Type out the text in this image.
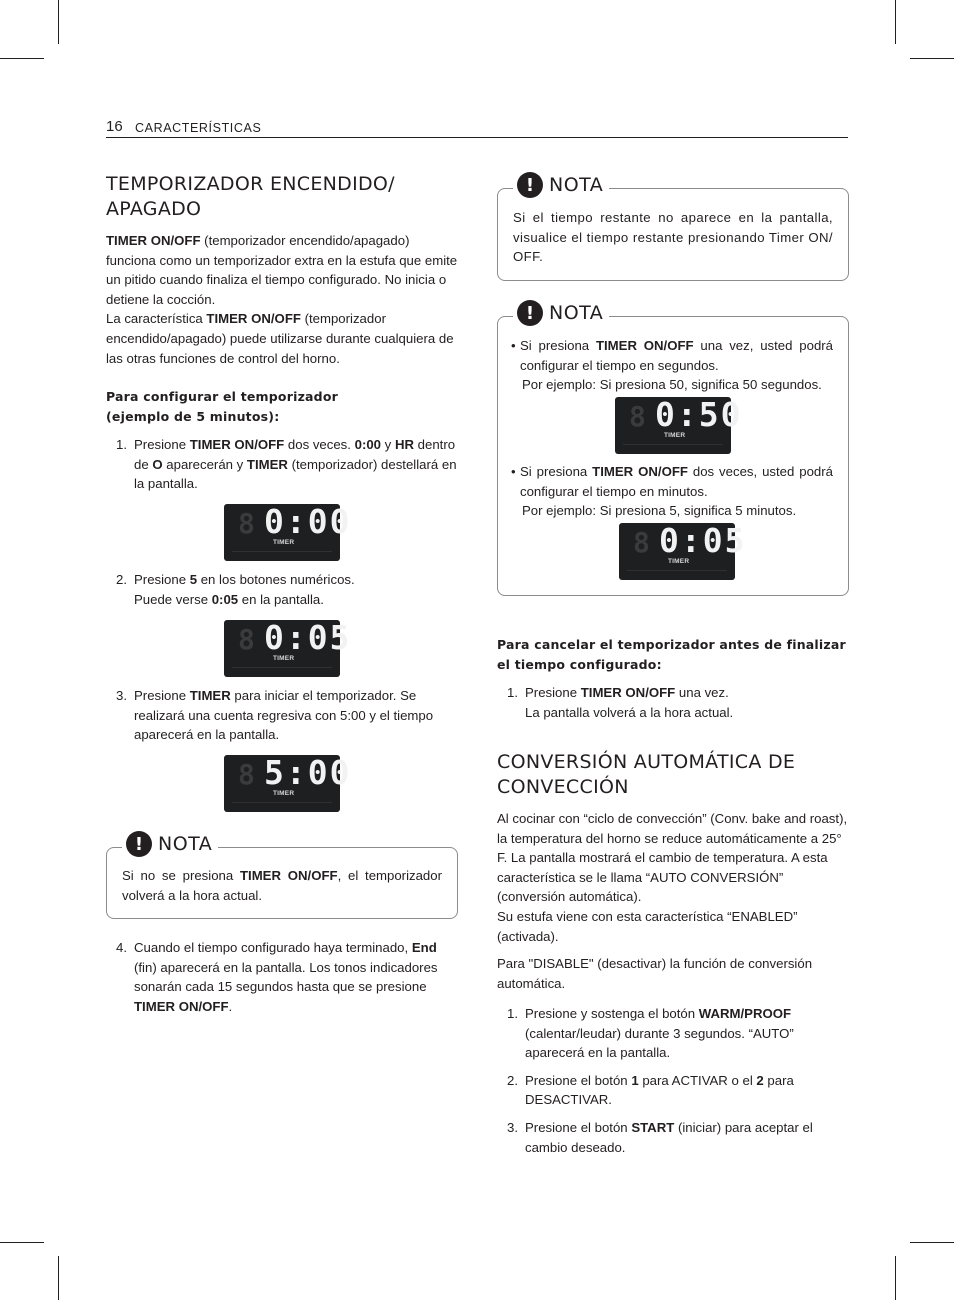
16 CARACTERÍSTICAS
TEMPORIZADOR ENCENDIDO/ APAGADO

TIMER ON/OFF (temporizador encendido/apagado) funciona como un temporizador extra en la estufa que emite un pitido cuando finaliza el tiempo configurado. No inicia o detiene la cocción.

La característica TIMER ON/OFF (temporizador encendido/apagado) puede utilizarse durante cualquiera de las otras funciones de control del horno.

Para configurar el temporizador
(ejemplo de 5 minutos):

1. Presione TIMER ON/OFF dos veces. 0:00 y HR dentro de O aparecerán y TIMER (temporizador) destellará en la pantalla.

8 0:00
TIMER

2. Presione 5 en los botones numéricos.
Puede verse 0:05 en la pantalla.

8 0:05
TIMER

3. Presione TIMER para iniciar el temporizador. Se realizará una cuenta regresiva con 5:00 y el tiempo aparecerá en la pantalla.

8 5:00
TIMER
! NOTA

Si no se presiona TIMER ON/OFF, el temporizador volverá a la hora actual.

4. Cuando el tiempo configurado haya terminado, End (fin) aparecerá en la pantalla. Los tonos indicadores sonarán cada 15 segundos hasta que se presione TIMER ON/OFF.

! NOTA

Si el tiempo restante no aparece en la pantalla, visualice el tiempo restante presionando Timer ON/ OFF.

! NOTA

• Si presiona TIMER ON/OFF una vez, usted podrá configurar el tiempo en segundos.

Por ejemplo: Si presiona 50, significa 50 segundos.

8 0:50
TIMER

• Si presiona TIMER ON/OFF dos veces, usted podrá configurar el tiempo en minutos.

Por ejemplo: Si presiona 5, significa 5 minutos.

8 0:05
TIMER
Para cancelar el temporizador antes de finalizar el tiempo configurado:

1. Presione TIMER ON/OFF una vez.
La pantalla volverá a la hora actual.

CONVERSIÓN AUTOMÁTICA DE CONVECCIÓN

Al cocinar con “ciclo de convección” (Conv. bake and roast), la temperatura del horno se reduce automáticamente a 25° F. La pantalla mostrará el cambio de temperatura. A esta característica se le llama “AUTO CONVERSIÓN” (conversión automática).

Su estufa viene con esta característica “ENABLED” (activada).

Para "DISABLE" (desactivar) la función de conversión automática.

1. Presione y sostenga el botón WARM/PROOF (calentar/leudar) durante 3 segundos. “AUTO” aparecerá en la pantalla.

2. Presione el botón 1 para ACTIVAR o el 2 para DESACTIVAR.

3. Presione el botón START (iniciar) para aceptar el cambio deseado.
